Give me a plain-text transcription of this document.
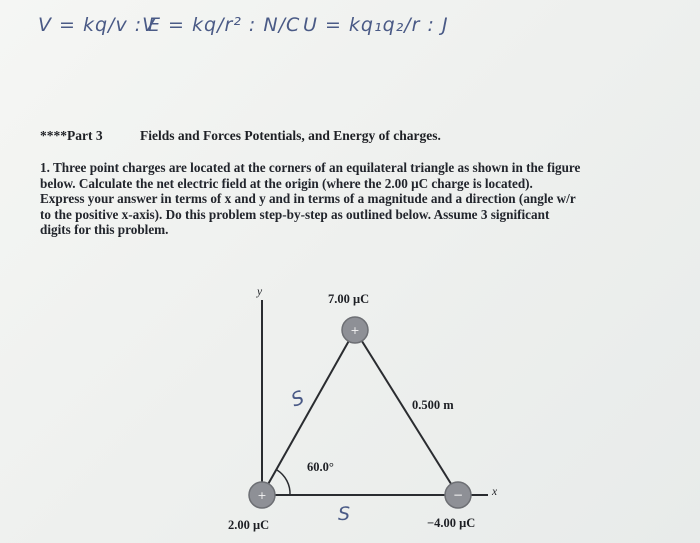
V = kq/v :V
E = kq/r² : N/C U = kq₁q₂/r : J
****Part 3	Fields and Forces Potentials, and Energy of charges.

1. Three point charges are located at the corners of an equilateral triangle as shown in the figure

below. Calculate the net electric field at the origin (where the 2.00 μC charge is located).

Express your answer in terms of x and y and in terms of a magnitude and a direction (angle w/r

to the positive x-axis). Do this problem step-by-step as outlined below. Assume 3 significant

digits for this problem.

+
+	−
S
S
y
x
7.00 μC
2.00 μC	−4.00 μC
0.500 m
60.0°
